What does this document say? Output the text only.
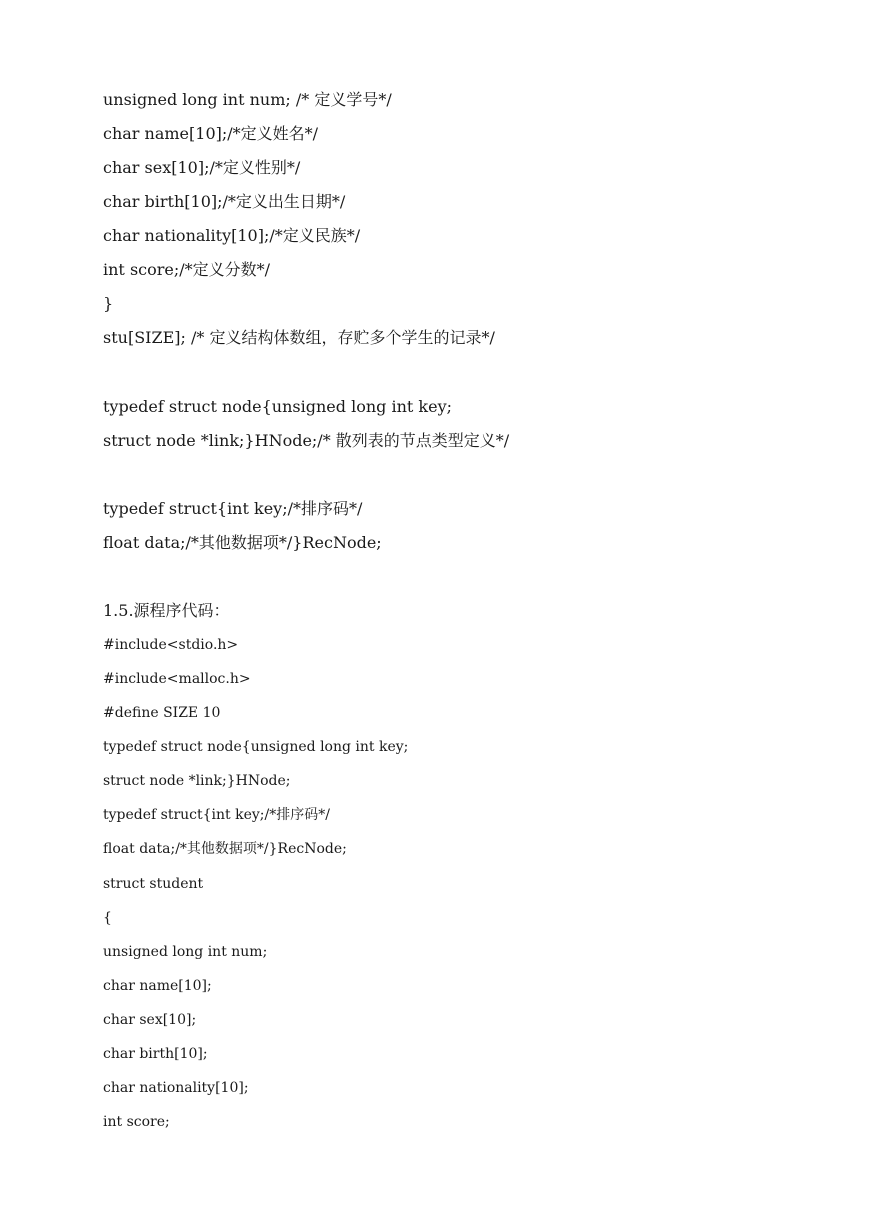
unsigned long int num; /* 定义学号*/
char name[10];/*定义姓名*/
char sex[10];/*定义性别*/
char birth[10];/*定义出生日期*/
char nationality[10];/*定义民族*/
int score;/*定义分数*/
}
stu[SIZE]; /* 定义结构体数组，存贮多个学生的记录*/
typedef struct node{unsigned long int key;
struct node *link;}HNode;/* 散列表的节点类型定义*/
typedef struct{int key;/*排序码*/
float data;/*其他数据项*/}RecNode;
1.5.源程序代码：
#include<stdio.h>
#include<malloc.h>
#define SIZE 10
typedef struct node{unsigned long int key;
struct node *link;}HNode;
typedef struct{int key;/*排序码*/
float data;/*其他数据项*/}RecNode;
struct student
{
unsigned long int num;
char name[10];
char sex[10];
char birth[10];
char nationality[10];
int score;
